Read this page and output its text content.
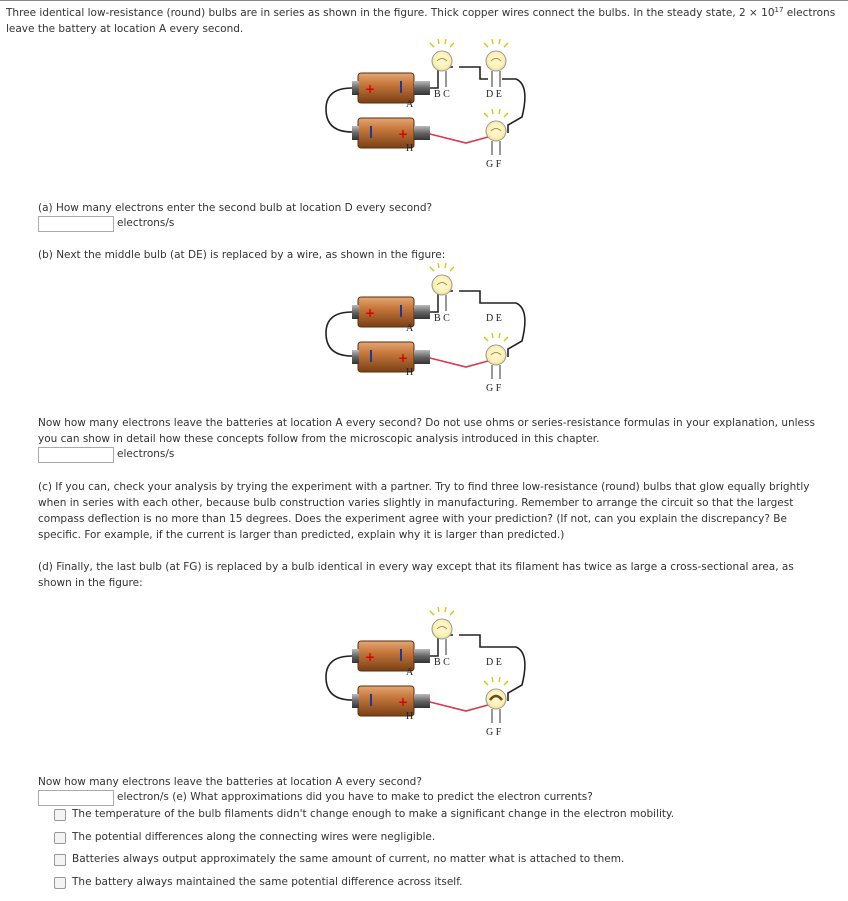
Three identical low-resistance (round) bulbs are in series as shown in the figure. Thick copper wires connect the bulbs. In the steady state, $2 \times 10^{17}$ electrons
leave the battery at location A every second.
+
+
A
H
B C	D E
G F
(a) How many electrons enter the second bulb at location D every second?
electrons/s
(b) Next the middle bulb (at DE) is replaced by a wire, as shown in the figure:
+
+
A
H
B C	D E
G F
Now how many electrons leave the batteries at location A every second? Do not use ohms or series-resistance formulas in your explanation, unless
you can show in detail how these concepts follow from the microscopic analysis introduced in this chapter.
electrons/s
(c) If you can, check your analysis by trying the experiment with a partner. Try to find three low-resistance (round) bulbs that glow equally brightly
when in series with each other, because bulb construction varies slightly in manufacturing. Remember to arrange the circuit so that the largest
compass deflection is no more than 15 degrees. Does the experiment agree with your prediction? (If not, can you explain the discrepancy? Be
specific. For example, if the current is larger than predicted, explain why it is larger than predicted.)
(d) Finally, the last bulb (at FG) is replaced by a bulb identical in every way except that its filament has twice as large a cross-sectional area, as
shown in the figure:
+
+
A
H
B C	D E
G F
Now how many electrons leave the batteries at location A every second?
electron/s (e) What approximations did you have to make to predict the electron currents?
The temperature of the bulb filaments didn't change enough to make a significant change in the electron mobility.
The potential differences along the connecting wires were negligible.
Batteries always output approximately the same amount of current, no matter what is attached to them.
The battery always maintained the same potential difference across itself.
